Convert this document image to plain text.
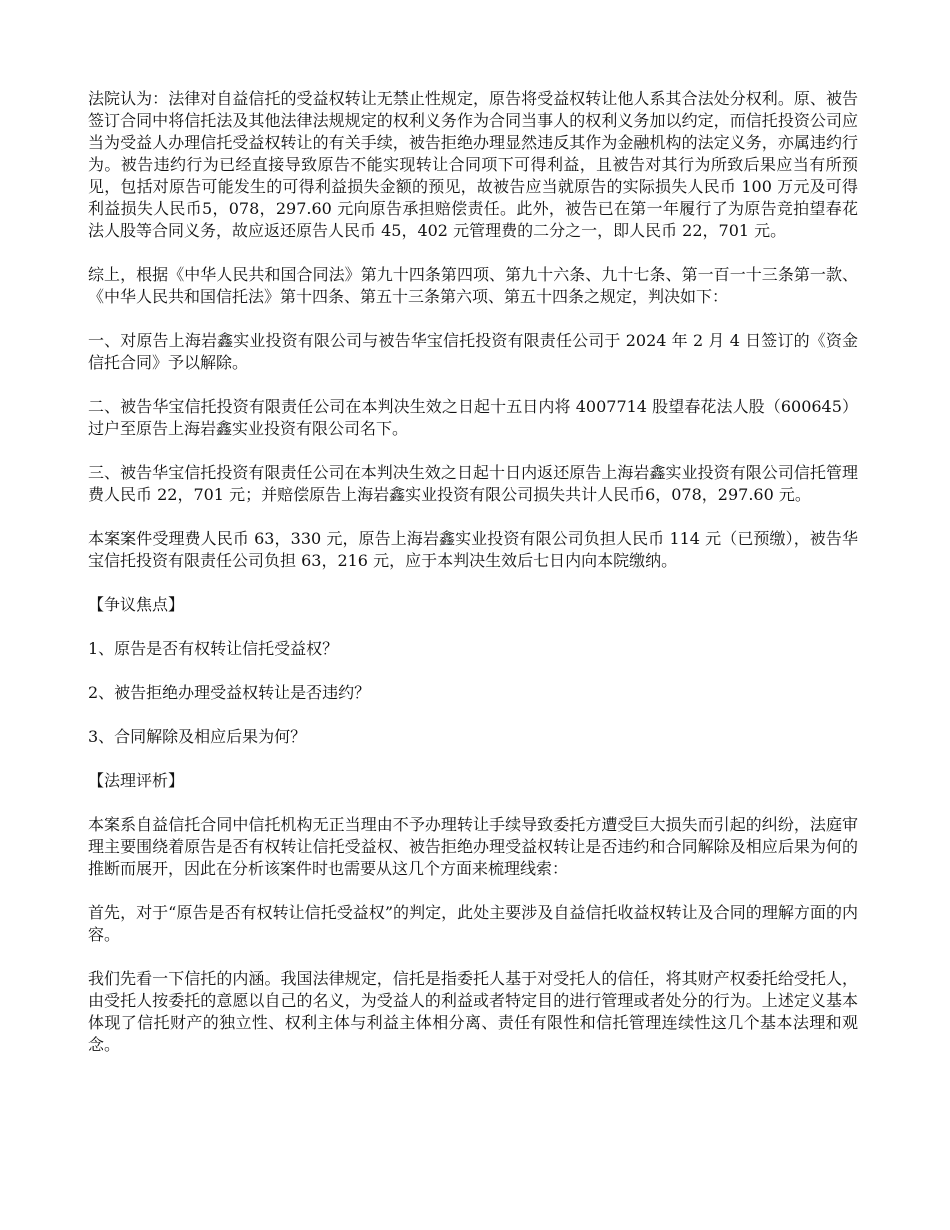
法院认为：法律对自益信托的受益权转让无禁止性规定，原告将受益权转让他人系其合法处分权利。原、被告签订合同中将信托法及其他法律法规规定的权利义务作为合同当事人的权利义务加以约定，而信托投资公司应当为受益人办理信托受益权转让的有关手续，被告拒绝办理显然违反其作为金融机构的法定义务，亦属违约行为。被告违约行为已经直接导致原告不能实现转让合同项下可得利益，且被告对其行为所致后果应当有所预见，包括对原告可能发生的可得利益损失金额的预见，故被告应当就原告的实际损失人民币 100 万元及可得利益损失人民币5，078，297.60 元向原告承担赔偿责任。此外，被告已在第一年履行了为原告竞拍望春花法人股等合同义务，故应返还原告人民币 45，402 元管理费的二分之一，即人民币 22，701 元。

综上，根据《中华人民共和国合同法》第九十四条第四项、第九十六条、九十七条、第一百一十三条第一款、《中华人民共和国信托法》第十四条、第五十三条第六项、第五十四条之规定，判决如下：

一、对原告上海岩鑫实业投资有限公司与被告华宝信托投资有限责任公司于 2024 年 2 月 4 日签订的《资金信托合同》予以解除。

二、被告华宝信托投资有限责任公司在本判决生效之日起十五日内将 4007714 股望春花法人股（600645）过户至原告上海岩鑫实业投资有限公司名下。

三、被告华宝信托投资有限责任公司在本判决生效之日起十日内返还原告上海岩鑫实业投资有限公司信托管理费人民币 22，701 元；并赔偿原告上海岩鑫实业投资有限公司损失共计人民币6，078，297.60 元。

本案案件受理费人民币 63，330 元，原告上海岩鑫实业投资有限公司负担人民币 114 元（已预缴），被告华宝信托投资有限责任公司负担 63，216 元，应于本判决生效后七日内向本院缴纳。

【争议焦点】

1、原告是否有权转让信托受益权？

2、被告拒绝办理受益权转让是否违约？

3、合同解除及相应后果为何？

【法理评析】

本案系自益信托合同中信托机构无正当理由不予办理转让手续导致委托方遭受巨大损失而引起的纠纷，法庭审理主要围绕着原告是否有权转让信托受益权、被告拒绝办理受益权转让是否违约和合同解除及相应后果为何的推断而展开，因此在分析该案件时也需要从这几个方面来梳理线索：

首先，对于“原告是否有权转让信托受益权”的判定，此处主要涉及自益信托收益权转让及合同的理解方面的内容。

我们先看一下信托的内涵。我国法律规定，信托是指委托人基于对受托人的信任，将其财产权委托给受托人，由受托人按委托的意愿以自己的名义，为受益人的利益或者特定目的进行管理或者处分的行为。上述定义基本体现了信托财产的独立性、权利主体与利益主体相分离、责任有限性和信托管理连续性这几个基本法理和观念。
